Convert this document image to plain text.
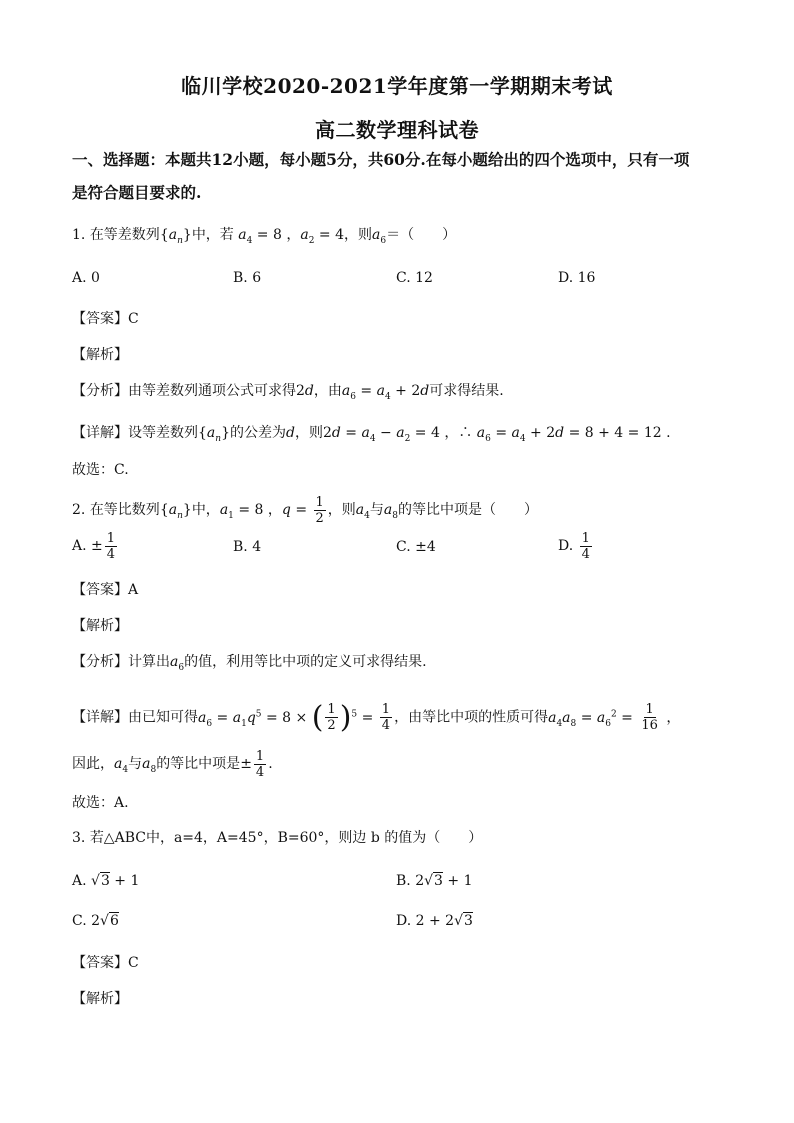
临川学校2020-2021学年度第一学期期末考试
高二数学理科试卷
一、选择题：本题共12小题，每小题5分，共60分.在每小题给出的四个选项中，只有一项
是符合题目要求的.
1. 在等差数列$\{a_n\}$中，若 $a_4 = 8$ ，$a_2 = 4$，则$a_6=$（　　）
A. 0	B. 6	C. 12	D. 16
【答案】C
【解析】
【分析】由等差数列通项公式可求得2d，由$a_6 = a_4 + 2d$可求得结果.
【详解】设等差数列$\{a_n\}$的公差为d，则$2d = a_4 - a_2 = 4$ ，∴ $a_6 = a_4 + 2d = 8 + 4 = 12$ .
故选：C.
2. 在等比数列$\{a_n\}$中，$a_1 = 8$ ，$q = \frac{1}{2}$ ，则$a_4$与$a_8$的等比中项是（　　）
A. ± $\frac{1}{4}$	B. 4	C. ±4	D. $\frac{1}{4}$
【答案】A
【解析】
【分析】计算出$a_6$的值，利用等比中项的定义可求得结果.
【详解】由已知可得$a_6 = a_1q^5 = 8$ × ( $\frac{1}{2} )^5 = \frac{1}{4}$ ，由等比中项的性质可得$a_4a_8 = a_6^2 = \frac{1}{16}$ ，
因此，$a_4$与$a_8$的等比中项是± $\frac{1}{4}$ .
故选：A.
3. 若△ABC中，a=4，A=45°，B=60°，则边 b 的值为（　　）
A. √3 + 1	B. 2√3 + 1
C. 2√6	D. 2 + 2√3
【答案】C
【解析】
